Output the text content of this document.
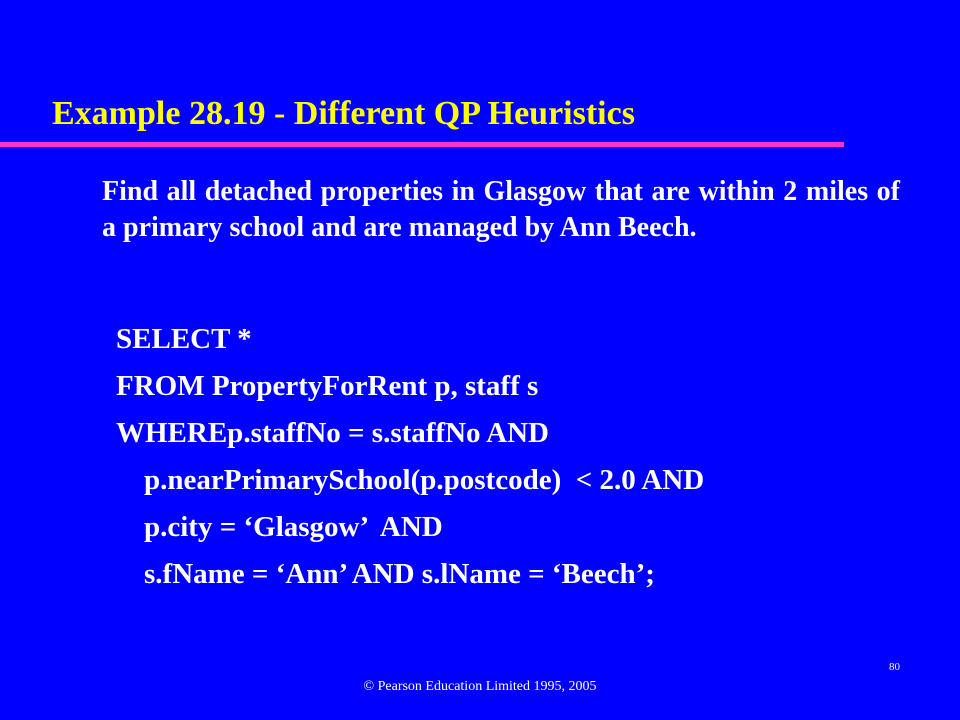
Example 28.19 - Different QP Heuristics
Find all detached properties in Glasgow that are within 2 miles of a primary school and are managed by Ann Beech.
SELECT *
FROM PropertyForRent p, staff s
WHEREp.staffNo = s.staffNo AND
p.nearPrimarySchool(p.postcode)  < 2.0 AND
p.city = ‘Glasgow’  AND
s.fName = ‘Ann’ AND s.lName = ‘Beech’;
80
© Pearson Education Limited 1995, 2005
